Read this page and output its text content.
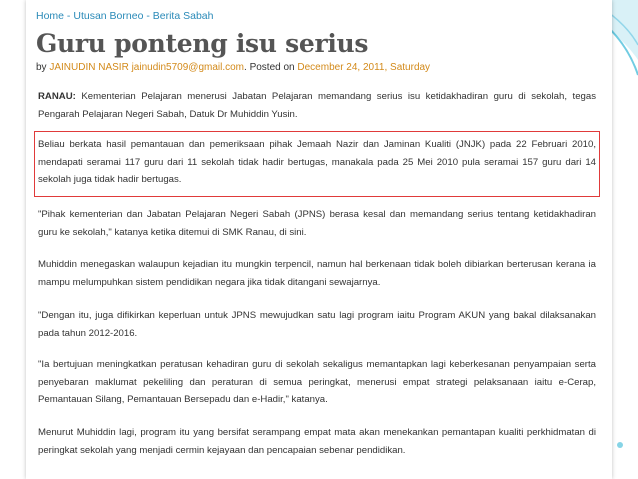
Home - Utusan Borneo - Berita Sabah
Guru ponteng isu serius
by JAINUDIN NASIR jainudin5709@gmail.com. Posted on December 24, 2011, Saturday

RANAU: Kementerian Pelajaran menerusi Jabatan Pelajaran memandang serius isu ketidakhadiran guru di sekolah, tegas Pengarah Pelajaran Negeri Sabah, Datuk Dr Muhiddin Yusin.

Beliau berkata hasil pemantauan dan pemeriksaan pihak Jemaah Nazir dan Jaminan Kualiti (JNJK) pada 22 Februari 2010, mendapati seramai 117 guru dari 11 sekolah tidak hadir bertugas, manakala pada 25 Mei 2010 pula seramai 157 guru dari 14 sekolah juga tidak hadir bertugas.

"Pihak kementerian dan Jabatan Pelajaran Negeri Sabah (JPNS) berasa kesal dan memandang serius tentang ketidakhadiran guru ke sekolah," katanya ketika ditemui di SMK Ranau, di sini.

Muhiddin menegaskan walaupun kejadian itu mungkin terpencil, namun hal berkenaan tidak boleh dibiarkan berterusan kerana ia mampu melumpuhkan sistem pendidikan negara jika tidak ditangani sewajarnya.

"Dengan itu, juga difikirkan keperluan untuk JPNS mewujudkan satu lagi program iaitu Program AKUN yang bakal dilaksanakan pada tahun 2012-2016.

"Ia bertujuan meningkatkan peratusan kehadiran guru di sekolah sekaligus memantapkan lagi keberkesanan penyampaian serta penyebaran maklumat pekeliling dan peraturan di semua peringkat, menerusi empat strategi pelaksanaan iaitu e-Cerap, Pemantauan Silang, Pemantauan Bersepadu dan e-Hadir," katanya.

Menurut Muhiddin lagi, program itu yang bersifat serampang empat mata akan menekankan pemantapan kualiti perkhidmatan di peringkat sekolah yang menjadi cermin kejayaan dan pencapaian sebenar pendidikan.
